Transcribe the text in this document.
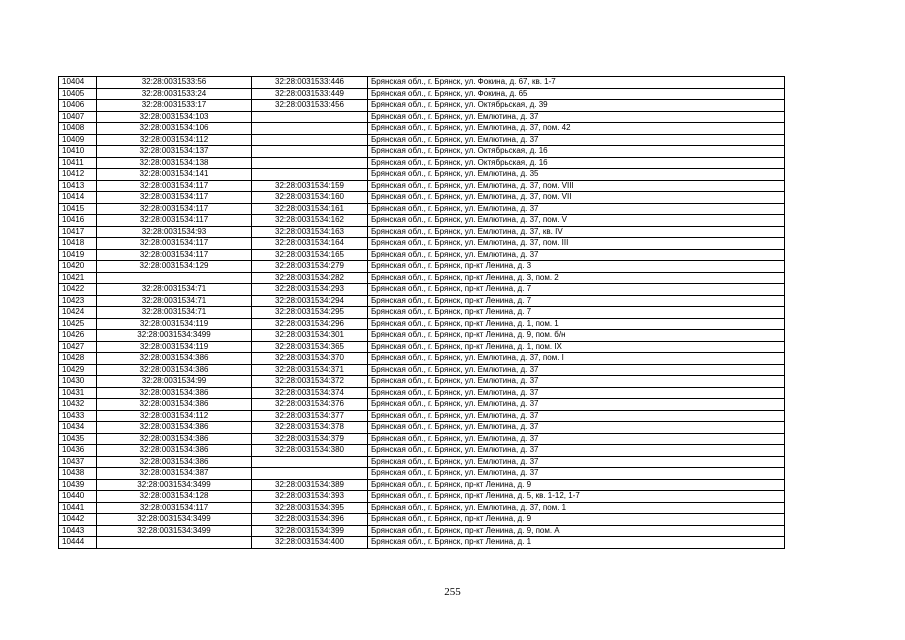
10404	32:28:0031533:56	32:28:0031533:446	Брянская обл., г. Брянск, ул. Фокина, д. 67, кв. 1-7
10405	32:28:0031533:24	32:28:0031533:449	Брянская обл., г. Брянск, ул. Фокина, д. 65
10406	32:28:0031533:17	32:28:0031533:456	Брянская обл., г. Брянск, ул. Октябрьская, д. 39
10407	32:28:0031534:103		Брянская обл., г. Брянск, ул. Емлютина, д. 37
10408	32:28:0031534:106		Брянская обл., г. Брянск, ул. Емлютина, д. 37, пом. 42
10409	32:28:0031534:112		Брянская обл., г. Брянск, ул. Емлютина, д. 37
10410	32:28:0031534:137		Брянская обл., г. Брянск, ул. Октябрьская, д. 16
10411	32:28:0031534:138		Брянская обл., г. Брянск, ул. Октябрьская, д. 16
10412	32:28:0031534:141		Брянская обл., г. Брянск, ул. Емлютина, д. 35
10413	32:28:0031534:117	32:28:0031534:159	Брянская обл., г. Брянск, ул. Емлютина, д. 37, пом. VIII
10414	32:28:0031534:117	32:28:0031534:160	Брянская обл., г. Брянск, ул. Емлютина, д. 37, пом. VII
10415	32:28:0031534:117	32:28:0031534:161	Брянская обл., г. Брянск, ул. Емлютина, д. 37
10416	32:28:0031534:117	32:28:0031534:162	Брянская обл., г. Брянск, ул. Емлютина, д. 37, пом. V
10417	32:28:0031534:93	32:28:0031534:163	Брянская обл., г. Брянск, ул. Емлютина, д. 37, кв. IV
10418	32:28:0031534:117	32:28:0031534:164	Брянская обл., г. Брянск, ул. Емлютина, д. 37, пом. III
10419	32:28:0031534:117	32:28:0031534:165	Брянская обл., г. Брянск, ул. Емлютина, д. 37
10420	32:28:0031534:129	32:28:0031534:279	Брянская обл., г. Брянск, пр-кт Ленина, д. 3
10421		32:28:0031534:282	Брянская обл., г. Брянск, пр-кт Ленина, д. 3, пом. 2
10422	32:28:0031534:71	32:28:0031534:293	Брянская обл., г. Брянск, пр-кт Ленина, д. 7
10423	32:28:0031534:71	32:28:0031534:294	Брянская обл., г. Брянск, пр-кт Ленина, д. 7
10424	32:28:0031534:71	32:28:0031534:295	Брянская обл., г. Брянск, пр-кт Ленина, д. 7
10425	32:28:0031534:119	32:28:0031534:296	Брянская обл., г. Брянск, пр-кт Ленина, д. 1, пом. 1
10426	32:28:0031534:3499	32:28:0031534:301	Брянская обл., г. Брянск, пр-кт Ленина, д. 9, пом. б/н
10427	32:28:0031534:119	32:28:0031534:365	Брянская обл., г. Брянск, пр-кт Ленина, д. 1, пом. IX
10428	32:28:0031534:386	32:28:0031534:370	Брянская обл., г. Брянск, ул. Емлютина, д. 37, пом. I
10429	32:28:0031534:386	32:28:0031534:371	Брянская обл., г. Брянск, ул. Емлютина, д. 37
10430	32:28:0031534:99	32:28:0031534:372	Брянская обл., г. Брянск, ул. Емлютина, д. 37
10431	32:28:0031534:386	32:28:0031534:374	Брянская обл., г. Брянск, ул. Емлютина, д. 37
10432	32:28:0031534:386	32:28:0031534:376	Брянская обл., г. Брянск, ул. Емлютина, д. 37
10433	32:28:0031534:112	32:28:0031534:377	Брянская обл., г. Брянск, ул. Емлютина, д. 37
10434	32:28:0031534:386	32:28:0031534:378	Брянская обл., г. Брянск, ул. Емлютина, д. 37
10435	32:28:0031534:386	32:28:0031534:379	Брянская обл., г. Брянск, ул. Емлютина, д. 37
10436	32:28:0031534:386	32:28:0031534:380	Брянская обл., г. Брянск, ул. Емлютина, д. 37
10437	32:28:0031534:386		Брянская обл., г. Брянск, ул. Емлютина, д. 37
10438	32:28:0031534:387		Брянская обл., г. Брянск, ул. Емлютина, д. 37
10439	32:28:0031534:3499	32:28:0031534:389	Брянская обл., г. Брянск, пр-кт Ленина, д. 9
10440	32:28:0031534:128	32:28:0031534:393	Брянская обл., г. Брянск, пр-кт Ленина, д. 5, кв. 1-12, 1-7
10441	32:28:0031534:117	32:28:0031534:395	Брянская обл., г. Брянск, ул. Емлютина, д. 37, пом. 1
10442	32:28:0031534:3499	32:28:0031534:396	Брянская обл., г. Брянск, пр-кт Ленина, д. 9
10443	32:28:0031534:3499	32:28:0031534:399	Брянская обл., г. Брянск, пр-кт Ленина, д. 9, пом. А
10444		32:28:0031534:400	Брянская обл., г. Брянск, пр-кт Ленина, д. 1
255
